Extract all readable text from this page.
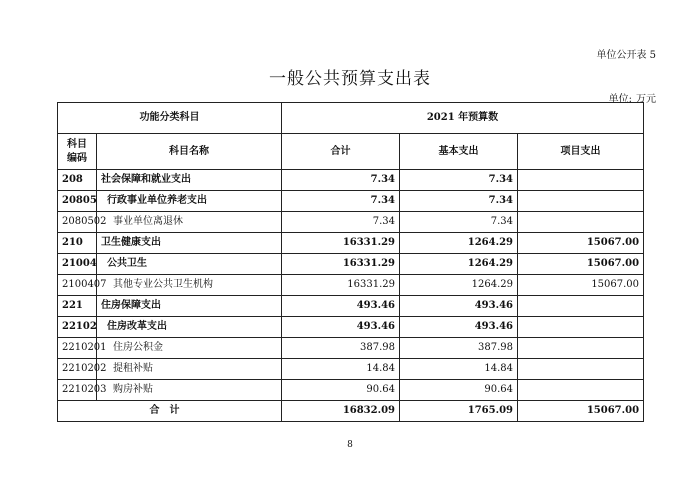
单位公开表 5
一般公共预算支出表
单位: 万元
功能分类科目		2021 年预算数		
科目
编码	科目名称	合计	基本支出	项目支出
208	社会保障和就业支出	7.34	7.34	
20805	行政事业单位养老支出	7.34	7.34	
2080502	事业单位离退休	7.34	7.34	
210	卫生健康支出	16331.29	1264.29	15067.00
21004	公共卫生	16331.29	1264.29	15067.00
2100407	其他专业公共卫生机构	16331.29	1264.29	15067.00
221	住房保障支出	493.46	493.46	
22102	住房改革支出	493.46	493.46	
2210201	住房公积金	387.98	387.98	
2210202	提租补贴	14.84	14.84	
2210203	购房补贴	90.64	90.64	
合计		16832.09	1765.09	15067.00
8
